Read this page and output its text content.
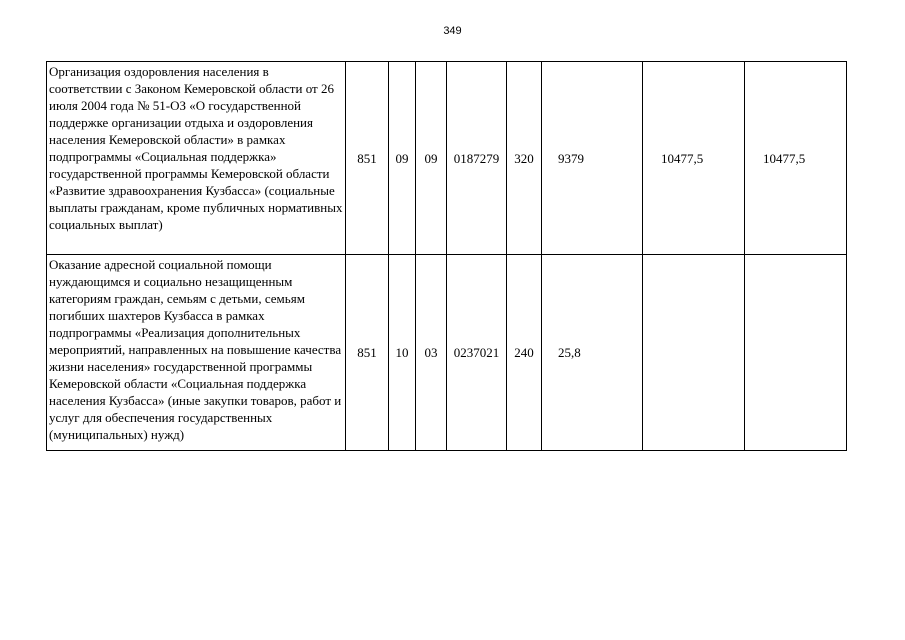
349
Организация оздоровления населения в соответствии с Законом Кемеровской области от 26 июля 2004 года № 51-ОЗ «О государственной поддержке организации отдыха и оздоровления населения Кемеровской области» в рамках подпрограммы «Социальная поддержка» государственной программы Кемеровской области «Развитие здравоохранения Кузбасса» (социальные выплаты гражданам, кроме публичных нормативных социальных выплат)	851	09	09	0187279	320	9379	10477,5	10477,5
Оказание адресной социальной помощи нуждающимся и социально незащищенным категориям граждан, семьям с детьми, семьям погибших шахтеров Кузбасса в рамках подпрограммы «Реализация дополнительных мероприятий, направленных на повышение качества жизни населения» государственной программы Кемеровской области «Социальная поддержка населения Кузбасса» (иные закупки товаров, работ и услуг для обеспечения государственных (муниципальных) нужд)	851	10	03	0237021	240	25,8		
